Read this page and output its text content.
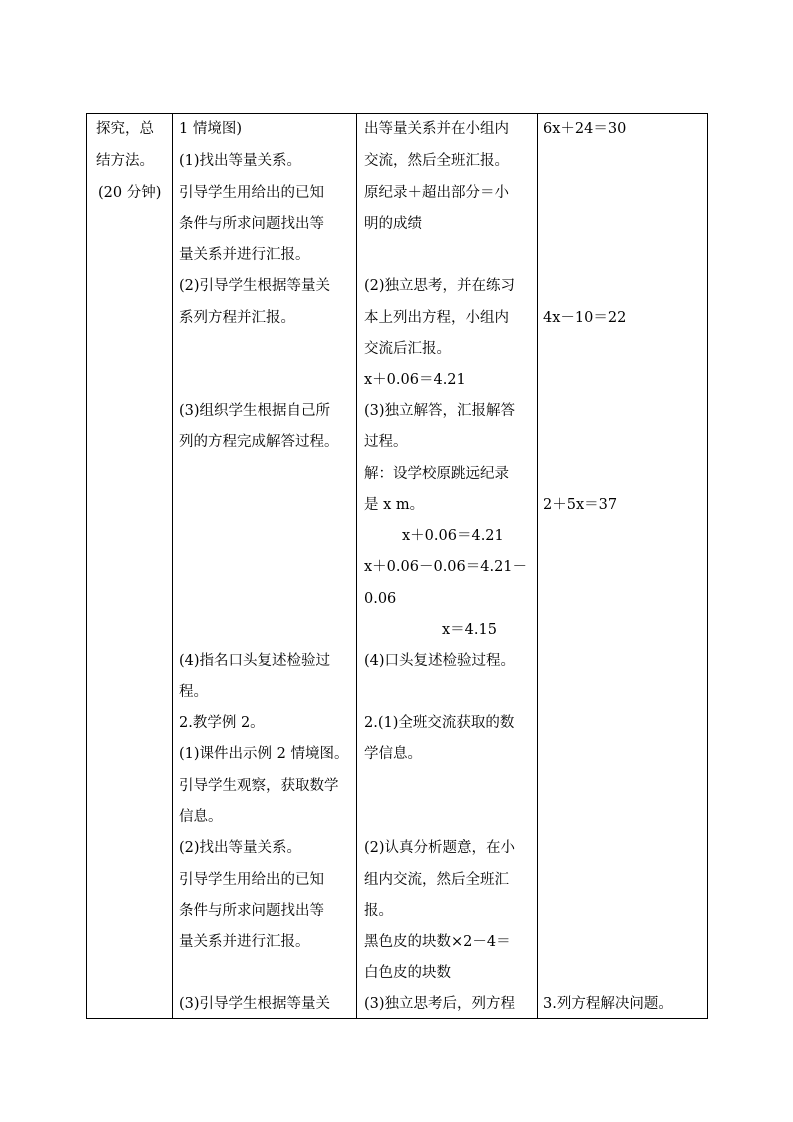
探究，总
结方法。
(20 分钟)
1 情境图)
(1)找出等量关系。
引导学生用给出的已知
条件与所求问题找出等
量关系并进行汇报。
(2)引导学生根据等量关
系列方程并汇报。
(3)组织学生根据自己所
列的方程完成解答过程。
(4)指名口头复述检验过
程。
2.教学例 2。
(1)课件出示例 2 情境图。
引导学生观察，获取数学
信息。
(2)找出等量关系。
引导学生用给出的已知
条件与所求问题找出等
量关系并进行汇报。
(3)引导学生根据等量关
出等量关系并在小组内
交流，然后全班汇报。
原纪录＋超出部分＝小
明的成绩
(2)独立思考，并在练习
本上列出方程，小组内
交流后汇报。
x＋0.06＝4.21
(3)独立解答，汇报解答
过程。
解：设学校原跳远纪录
是 x m。
x＋0.06＝4.21
x＋0.06－0.06＝4.21－
0.06
x＝4.15
(4)口头复述检验过程。
2.(1)全班交流获取的数
学信息。
(2)认真分析题意，在小
组内交流，然后全班汇
报。
黑色皮的块数×2－4＝
白色皮的块数
(3)独立思考后，列方程
6x＋24＝30
4x－10＝22
2＋5x＝37
3.列方程解决问题。
